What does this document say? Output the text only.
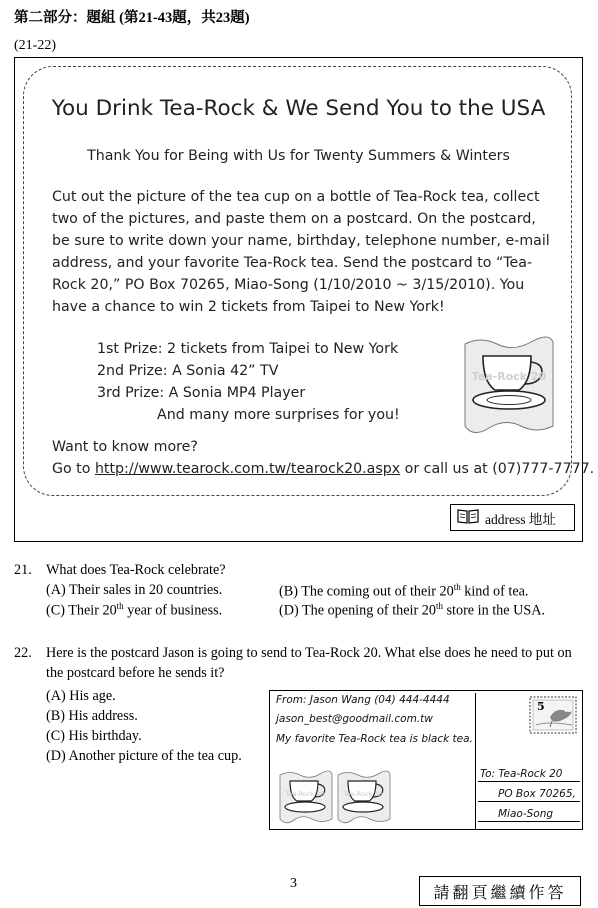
第二部分：題組 (第21-43題，共23題)
(21-22)
You Drink Tea-Rock & We Send You to the USA
Thank You for Being with Us for Twenty Summers & Winters
Cut out the picture of the tea cup on a bottle of Tea-Rock tea, collect two of the pictures, and paste them on a postcard. On the postcard, be sure to write down your name, birthday, telephone number, e-mail address, and your favorite Tea-Rock tea. Send the postcard to “Tea-Rock 20,” PO Box 70265, Miao-Song (1/10/2010 ~ 3/15/2010). You have a chance to win 2 tickets from Taipei to New York!
1st Prize: 2 tickets from Taipei to New York
2nd Prize: A Sonia 42” TV
3rd Prize: A Sonia MP4 Player
And many more surprises for you!
Want to know more?
Go to http://www.tearock.com.tw/tearock20.aspx or call us at (07)777-7777.
Tea-Rock 20
address 地址
21. What does Tea-Rock celebrate?
(A) Their sales in 20 countries.	(B) The coming out of their 20th kind of tea.
(C) Their 20th year of business.	(D) The opening of their 20th store in the USA.
22.	Here is the postcard Jason is going to send to Tea-Rock 20. What else does he need to put on the postcard before he sends it?
(A) His age.
(B) His address.
(C) His birthday.
(D) Another picture of the tea cup.
From: Jason Wang (04) 444-4444
jason_best@goodmail.com.tw
My favorite Tea-Rock tea is black tea.
5
Tea-Rock 20	Tea-Rock 20
To: Tea-Rock 20
PO Box 70265,
Miao-Song
3
請翻頁繼續作答
